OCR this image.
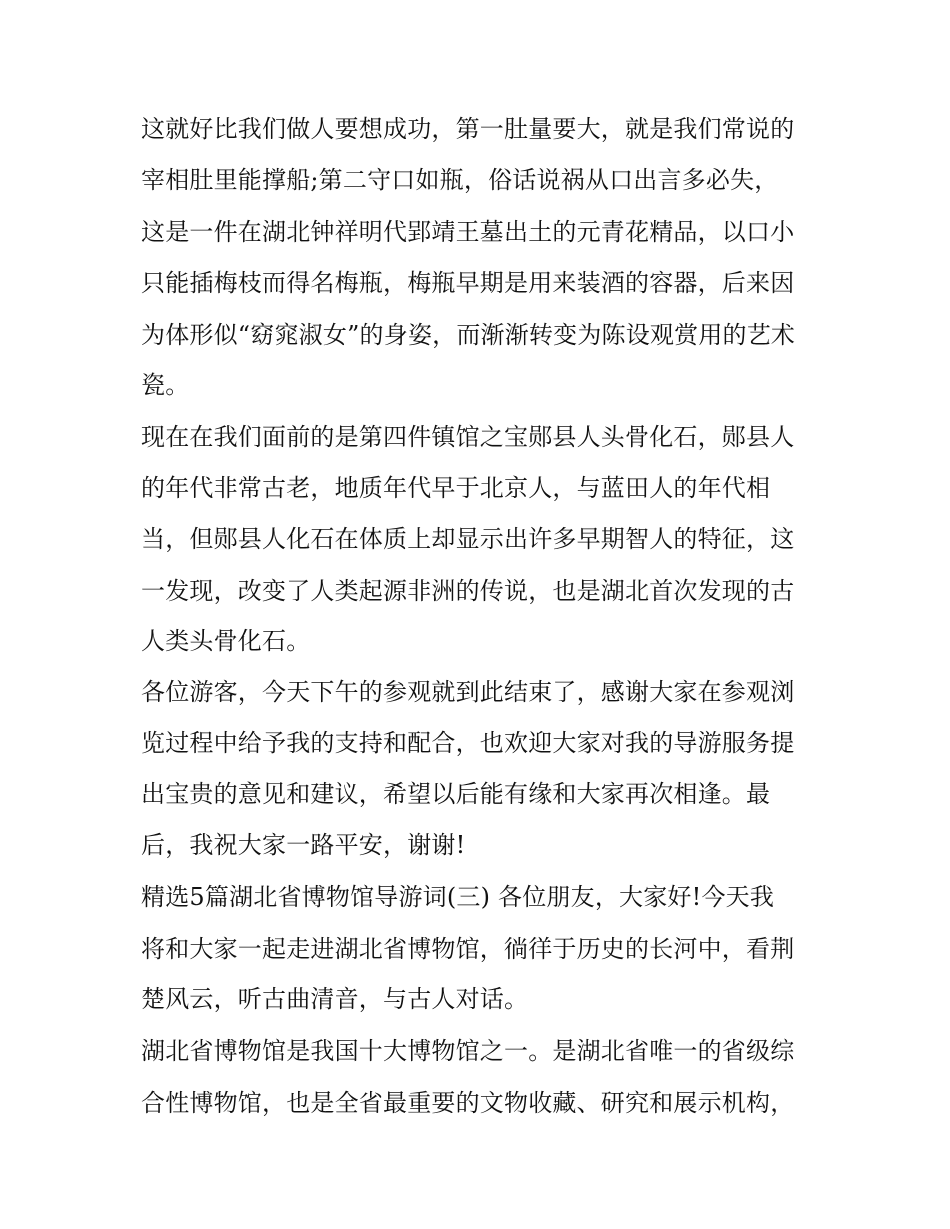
这就好比我们做人要想成功，第一肚量要大，就是我们常说的
宰相肚里能撑船;第二守口如瓶，俗话说祸从口出言多必失，
这是一件在湖北钟祥明代郢靖王墓出土的元青花精品，以口小
只能插梅枝而得名梅瓶，梅瓶早期是用来装酒的容器，后来因
为体形似“窈窕淑女”的身姿，而渐渐转变为陈设观赏用的艺术
瓷。
现在在我们面前的是第四件镇馆之宝郧县人头骨化石，郧县人
的年代非常古老，地质年代早于北京人，与蓝田人的年代相
当，但郧县人化石在体质上却显示出许多早期智人的特征，这
一发现，改变了人类起源非洲的传说，也是湖北首次发现的古
人类头骨化石。
各位游客，今天下午的参观就到此结束了，感谢大家在参观浏
览过程中给予我的支持和配合，也欢迎大家对我的导游服务提
出宝贵的意见和建议，希望以后能有缘和大家再次相逢。最
后，我祝大家一路平安，谢谢!
精选5篇湖北省博物馆导游词(三) 各位朋友，大家好!今天我
将和大家一起走进湖北省博物馆，徜徉于历史的长河中，看荆
楚风云，听古曲清音，与古人对话。
湖北省博物馆是我国十大博物馆之一。是湖北省唯一的省级综
合性博物馆，也是全省最重要的文物收藏、研究和展示机构，
